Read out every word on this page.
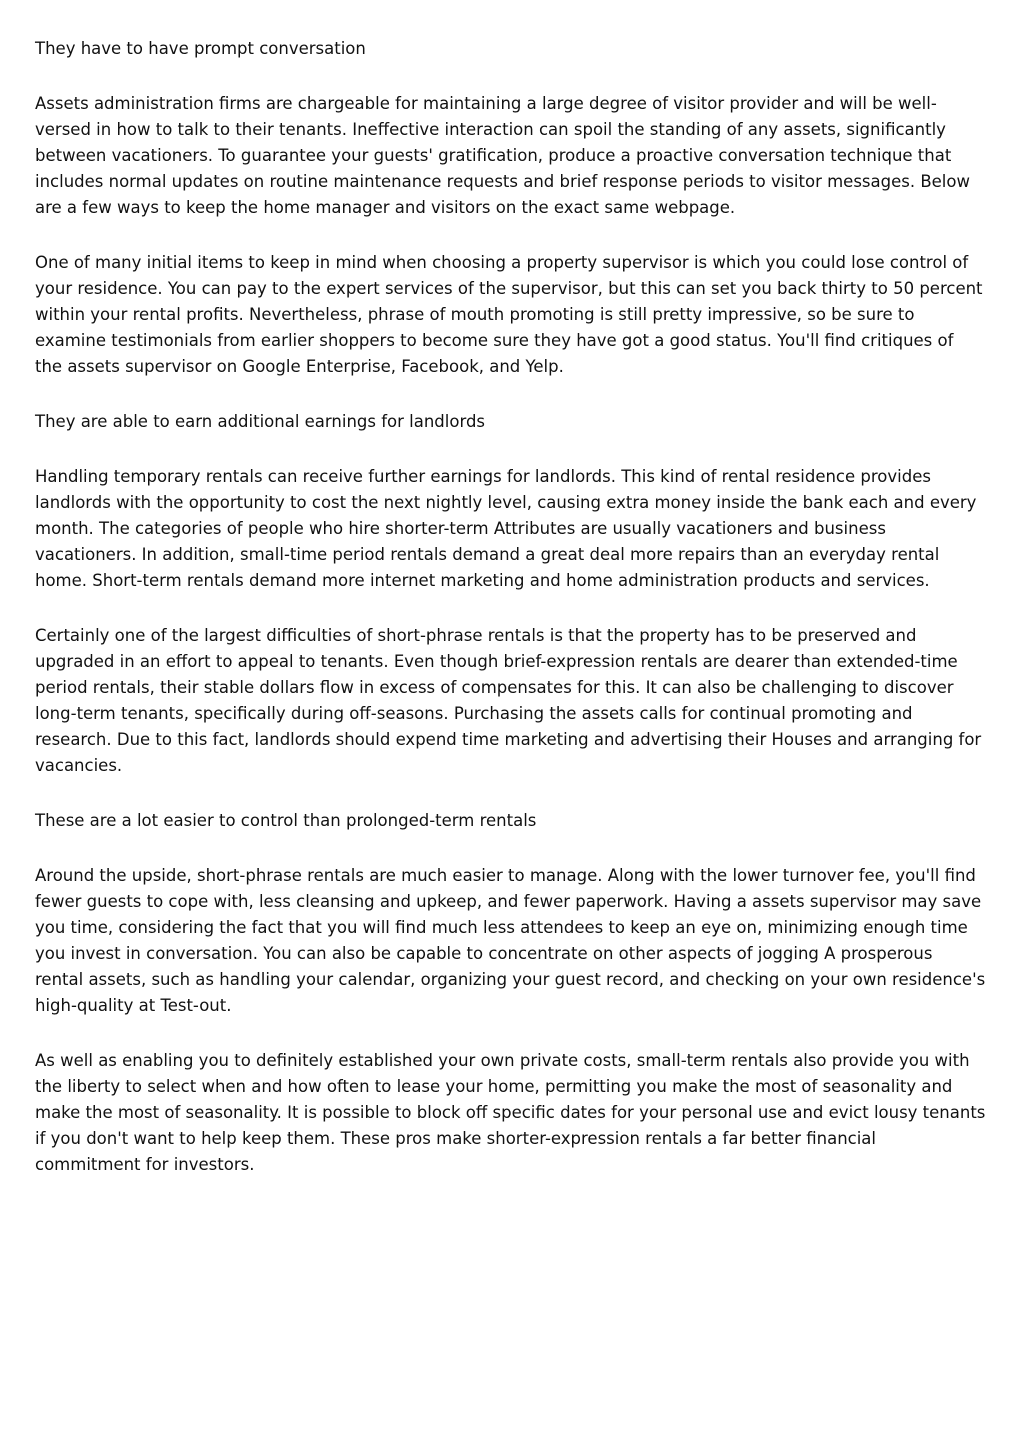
They have to have prompt conversation
Assets administration firms are chargeable for maintaining a large degree of visitor provider and will be well-
versed in how to talk to their tenants. Ineffective interaction can spoil the standing of any assets, significantly
between vacationers. To guarantee your guests' gratification, produce a proactive conversation technique that
includes normal updates on routine maintenance requests and brief response periods to visitor messages. Below
are a few ways to keep the home manager and visitors on the exact same webpage.
One of many initial items to keep in mind when choosing a property supervisor is which you could lose control of
your residence. You can pay to the expert services of the supervisor, but this can set you back thirty to 50 percent
within your rental profits. Nevertheless, phrase of mouth promoting is still pretty impressive, so be sure to
examine testimonials from earlier shoppers to become sure they have got a good status. You'll find critiques of
the assets supervisor on Google Enterprise, Facebook, and Yelp.
They are able to earn additional earnings for landlords
Handling temporary rentals can receive further earnings for landlords. This kind of rental residence provides
landlords with the opportunity to cost the next nightly level, causing extra money inside the bank each and every
month. The categories of people who hire shorter-term Attributes are usually vacationers and business
vacationers. In addition, small-time period rentals demand a great deal more repairs than an everyday rental
home. Short-term rentals demand more internet marketing and home administration products and services.
Certainly one of the largest difficulties of short-phrase rentals is that the property has to be preserved and
upgraded in an effort to appeal to tenants. Even though brief-expression rentals are dearer than extended-time
period rentals, their stable dollars flow in excess of compensates for this. It can also be challenging to discover
long-term tenants, specifically during off-seasons. Purchasing the assets calls for continual promoting and
research. Due to this fact, landlords should expend time marketing and advertising their Houses and arranging for
vacancies.
These are a lot easier to control than prolonged-term rentals
Around the upside, short-phrase rentals are much easier to manage. Along with the lower turnover fee, you'll find
fewer guests to cope with, less cleansing and upkeep, and fewer paperwork. Having a assets supervisor may save
you time, considering the fact that you will find much less attendees to keep an eye on, minimizing enough time
you invest in conversation. You can also be capable to concentrate on other aspects of jogging A prosperous
rental assets, such as handling your calendar, organizing your guest record, and checking on your own residence's
high-quality at Test-out.
As well as enabling you to definitely established your own private costs, small-term rentals also provide you with
the liberty to select when and how often to lease your home, permitting you make the most of seasonality and
make the most of seasonality. It is possible to block off specific dates for your personal use and evict lousy tenants
if you don't want to help keep them. These pros make shorter-expression rentals a far better financial
commitment for investors.
